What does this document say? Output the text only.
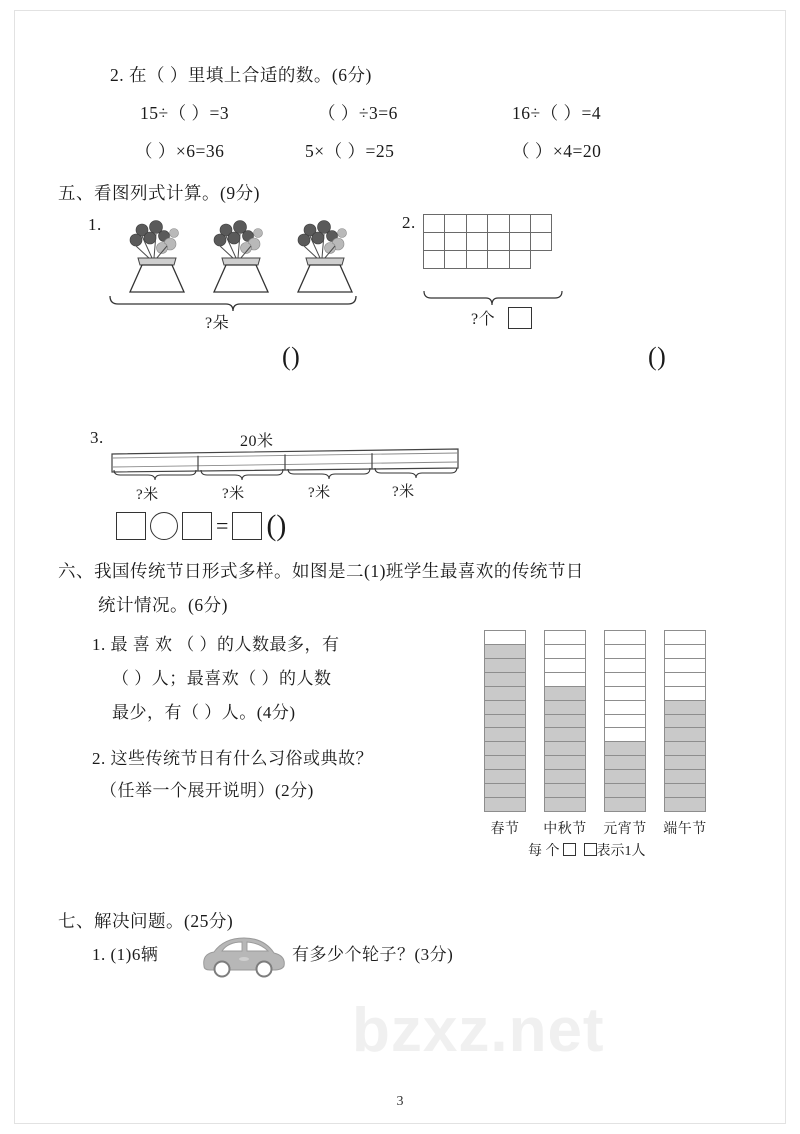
2. 在（ ）里填上合适的数。(6分)
15÷（ ）=3	（ ）÷3=6	16÷（ ）=4
（ ）×6=36	5×（ ）=25	（ ）×4=20
五、看图列式计算。(9分)
1.
?朵
2.
?个
()	()
3.	20米
?米	?米	?米	?米
= ()
六、我国传统节日形式多样。如图是二(1)班学生最喜欢的传统节日
统计情况。(6分)
1. 最 喜 欢 （ ）的人数最多，有
（ ）人；最喜欢（ ）的人数
最少，有（ ）人。(4分)
2. 这些传统节日有什么习俗或典故？
（任举一个展开说明）(2分)
春节	中秋节	元宵节	端午节
每 个	表示1人
七、解决问题。(25分)
1. (1)6辆	有多少个轮子？(3分)
bzxz.net
3
